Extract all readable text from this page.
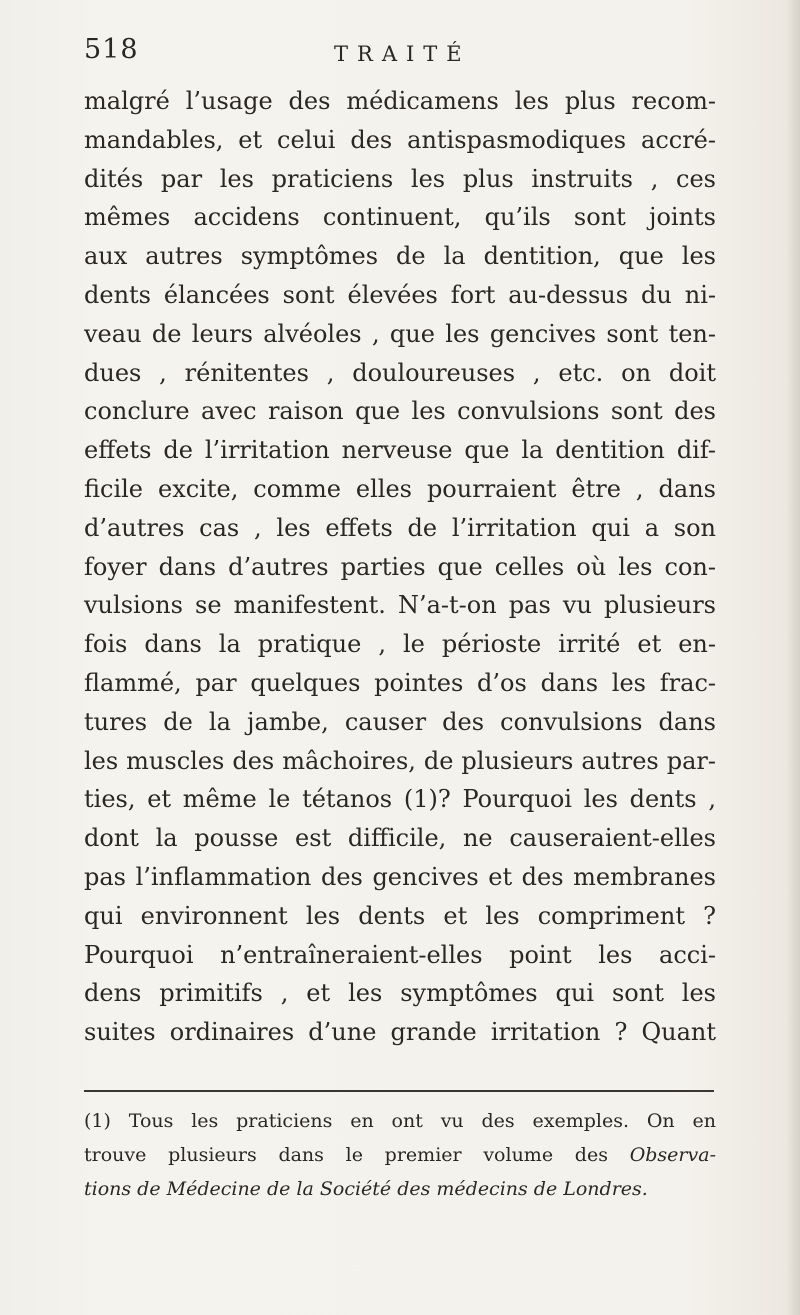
518	TRAITÉ
malgré l’usage des médicamens les plus recom-
mandables, et celui des antispasmodiques accré-
dités par les praticiens les plus instruits , ces
mêmes accidens continuent, qu’ils sont joints
aux autres symptômes de la dentition, que les
dents élancées sont élevées fort au-dessus du ni-
veau de leurs alvéoles , que les gencives sont ten-
dues , rénitentes , douloureuses , etc. on doit
conclure avec raison que les convulsions sont des
effets de l’irritation nerveuse que la dentition dif-
ficile excite, comme elles pourraient être , dans
d’autres cas , les effets de l’irritation qui a son
foyer dans d’autres parties que celles où les con-
vulsions se manifestent. N’a-t-on pas vu plusieurs
fois dans la pratique , le périoste irrité et en-
flammé, par quelques pointes d’os dans les frac-
tures de la jambe, causer des convulsions dans
les muscles des mâchoires, de plusieurs autres par-
ties, et même le tétanos (1)? Pourquoi les dents ,
dont la pousse est difficile, ne causeraient-elles
pas l’inflammation des gencives et des membranes
qui environnent les dents et les compriment ?
Pourquoi n’entraîneraient-elles point les acci-
dens primitifs , et les symptômes qui sont les
suites ordinaires d’une grande irritation ? Quant
(1) Tous les praticiens en ont vu des exemples. On en
trouve plusieurs dans le premier volume des Observa-
tions de Médecine de la Société des médecins de Londres.
